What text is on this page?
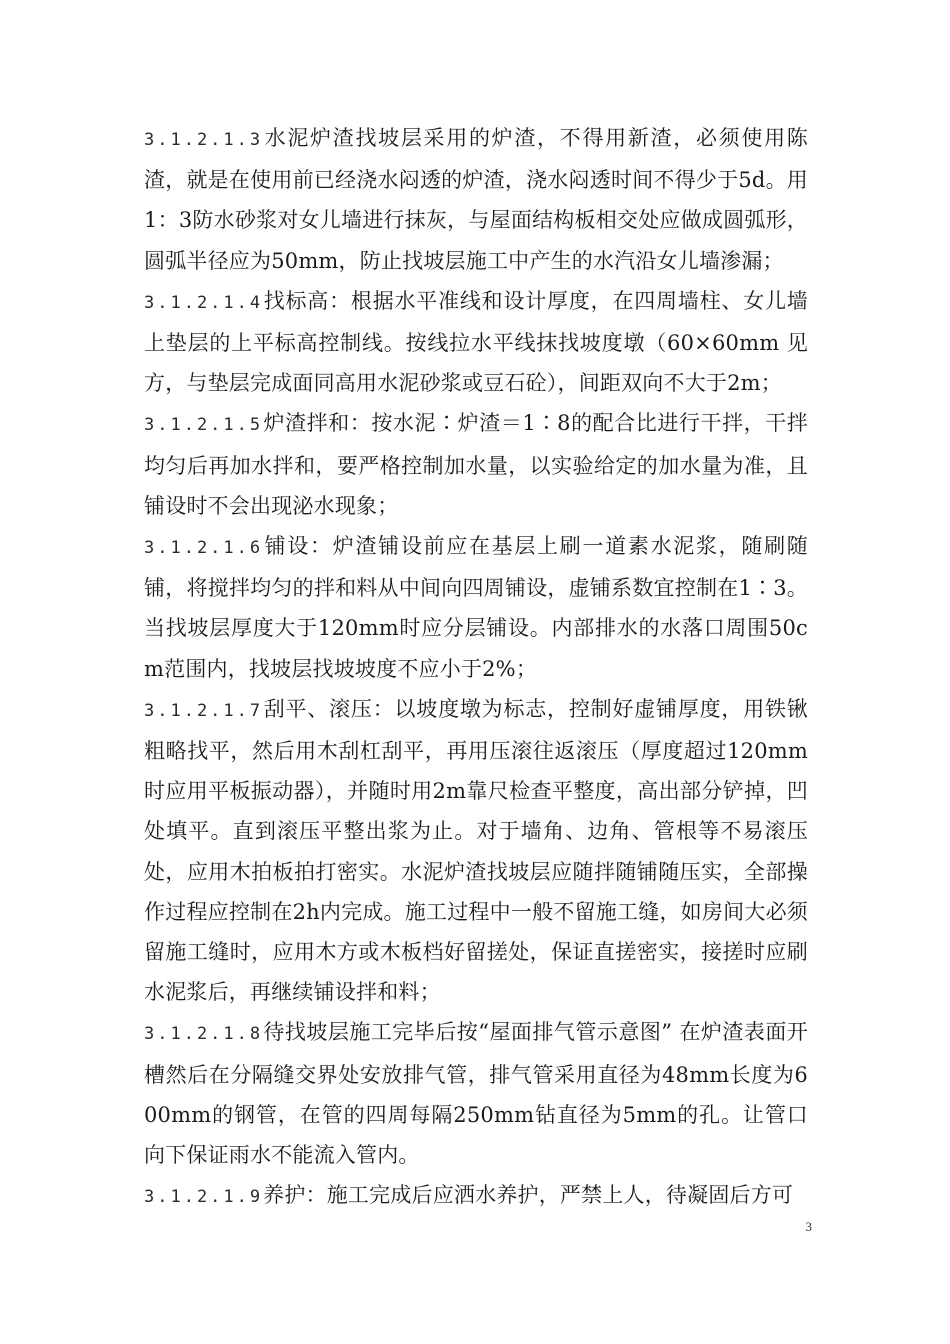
3.1.2.1.3水泥炉渣找坡层采用的炉渣，不得用新渣，必须使用陈渣，就是在使用前已经浇水闷透的炉渣，浇水闷透时间不得少于5d。用1：3防水砂浆对女儿墙进行抹灰，与屋面结构板相交处应做成圆弧形，圆弧半径应为50mm，防止找坡层施工中产生的水汽沿女儿墙渗漏；

3.1.2.1.4找标高：根据水平准线和设计厚度，在四周墙柱、女儿墙上垫层的上平标高控制线。按线拉水平线抹找坡度墩（60×60mm 见方，与垫层完成面同高用水泥砂浆或豆石砼），间距双向不大于2m；

3.1.2.1.5炉渣拌和：按水泥∶炉渣＝1∶8的配合比进行干拌，干拌均匀后再加水拌和，要严格控制加水量，以实验给定的加水量为准，且铺设时不会出现泌水现象；

3.1.2.1.6铺设：炉渣铺设前应在基层上刷一道素水泥浆，随刷随铺，将搅拌均匀的拌和料从中间向四周铺设，虚铺系数宜控制在1∶3。当找坡层厚度大于120mm时应分层铺设。内部排水的水落口周围50cm范围内，找坡层找坡坡度不应小于2%；

3.1.2.1.7刮平、滚压：以坡度墩为标志，控制好虚铺厚度，用铁锹粗略找平，然后用木刮杠刮平，再用压滚往返滚压（厚度超过120mm时应用平板振动器），并随时用2m靠尺检查平整度，高出部分铲掉，凹处填平。直到滚压平整出浆为止。对于墙角、边角、管根等不易滚压处，应用木拍板拍打密实。水泥炉渣找坡层应随拌随铺随压实，全部操作过程应控制在2h内完成。施工过程中一般不留施工缝，如房间大必须留施工缝时，应用木方或木板档好留搓处，保证直搓密实，接搓时应刷水泥浆后，再继续铺设拌和料；

3.1.2.1.8待找坡层施工完毕后按“屋面排气管示意图” 在炉渣表面开槽然后在分隔缝交界处安放排气管，排气管采用直径为48mm长度为600mm的钢管，在管的四周每隔250mm钻直径为5mm的孔。让管口向下保证雨水不能流入管内。

3.1.2.1.9养护：施工完成后应洒水养护，严禁上人，待凝固后方可

3
